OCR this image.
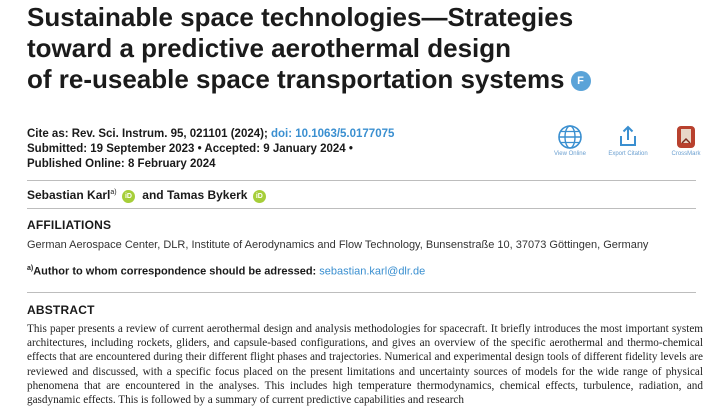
Sustainable space technologies—Strategies
toward a predictive aerothermal design
of re-useable space transportation systems F
Cite as: Rev. Sci. Instrum. 95, 021101 (2024); doi: 10.1063/5.0177075
Submitted: 19 September 2023 • Accepted: 9 January 2024 •
Published Online: 8 February 2024
View Online	Export Citation	CrossMark
Sebastian Karl$^{a)}$ iD and Tamas Bykerk iD
AFFILIATIONS
German Aerospace Center, DLR, Institute of Aerodynamics and Flow Technology, Bunsenstraße 10, 37073 Göttingen, Germany
$^{a)}$Author to whom correspondence should be adressed: sebastian.karl@dlr.de
ABSTRACT

This paper presents a review of current aerothermal design and analysis methodologies for spacecraft. It briefly introduces the most important system architectures, including rockets, gliders, and capsule-based configurations, and gives an overview of the specific aerothermal and thermo-chemical effects that are encountered during their different flight phases and trajectories. Numerical and experimental design tools of different fidelity levels are reviewed and discussed, with a specific focus placed on the present limitations and uncertainty sources of models for the wide range of physical phenomena that are encountered in the analyses. This includes high temperature thermodynamics, chemical effects, turbulence, radiation, and gasdynamic effects. This is followed by a summary of current predictive capabilities and research
